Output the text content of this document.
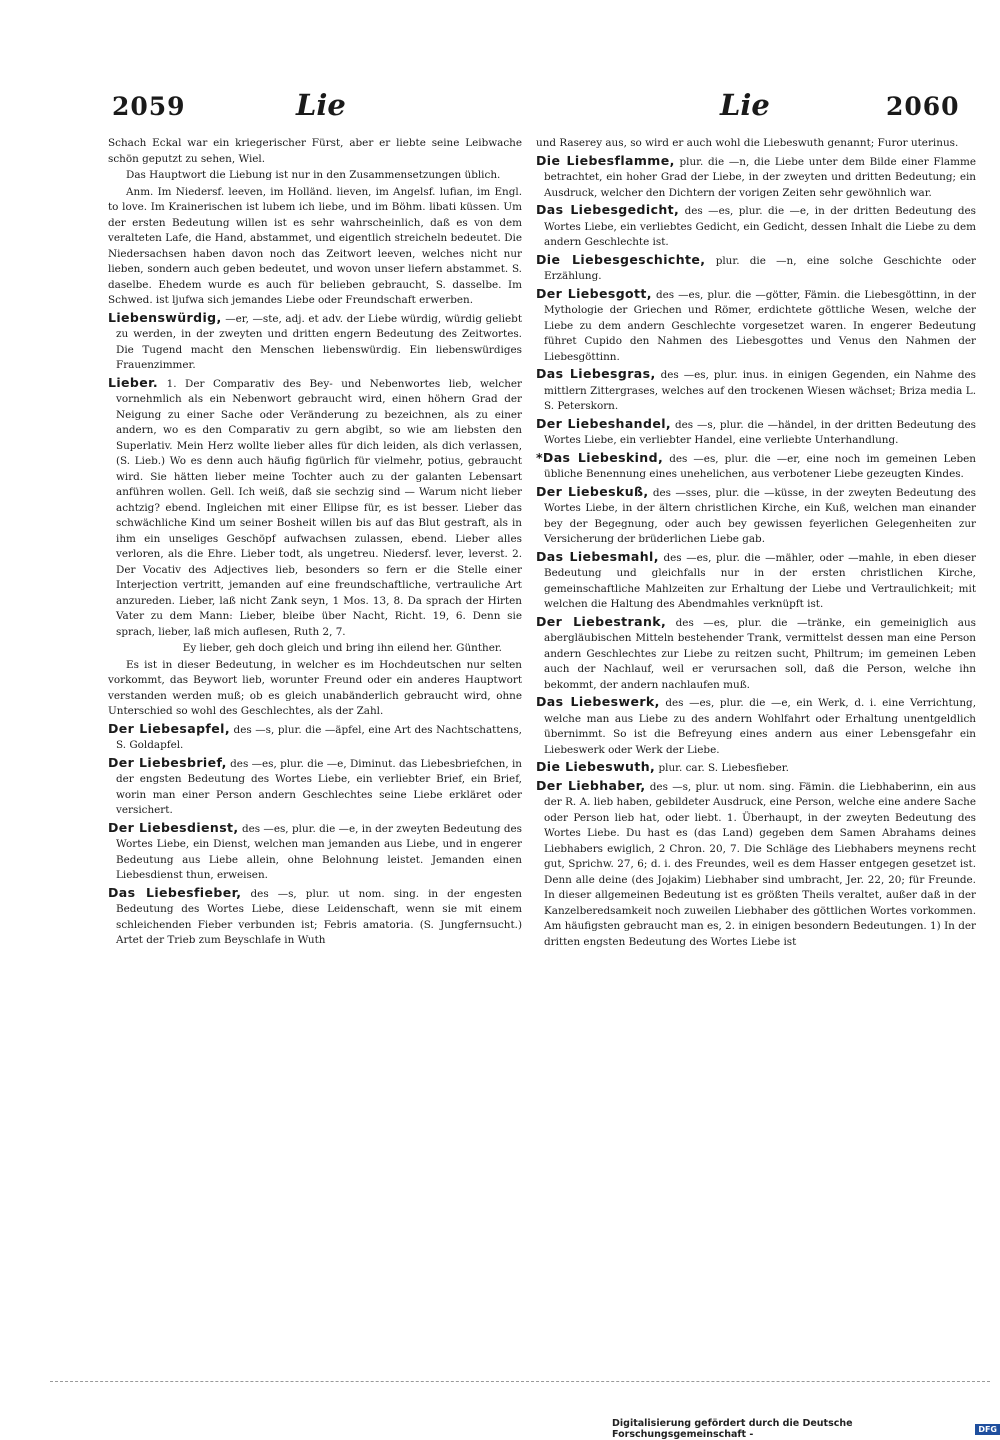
2059	Lie	Lie	2060

Schach Eckal war ein kriegerischer Fürst, aber er liebte seine Leibwache schön geputzt zu sehen, Wiel.

Das Hauptwort die Liebung ist nur in den Zusammensetzungen üblich.

Anm. Im Niedersf. leeven, im Holländ. lieven, im Angelsf. lufian, im Engl. to love. Im Krainerischen ist lubem ich liebe, und im Böhm. libati küssen. Um der ersten Bedeutung willen ist es sehr wahrscheinlich, daß es von dem veralteten Lafe, die Hand, abstammet, und eigentlich streicheln bedeutet. Die Niedersachsen haben davon noch das Zeitwort leeven, welches nicht nur lieben, sondern auch geben bedeutet, und wovon unser liefern abstammet. S. daselbe. Ehedem wurde es auch für belieben gebraucht, S. dasselbe. Im Schwed. ist ljufwa sich jemandes Liebe oder Freundschaft erwerben.

Liebenswürdig, —er, —ste, adj. et adv. der Liebe würdig, würdig geliebt zu werden, in der zweyten und dritten engern Bedeutung des Zeitwortes. Die Tugend macht den Menschen liebenswürdig. Ein liebenswürdiges Frauenzimmer.

Lieber. 1. Der Comparativ des Bey- und Nebenwortes lieb, welcher vornehmlich als ein Nebenwort gebraucht wird, einen höhern Grad der Neigung zu einer Sache oder Veränderung zu bezeichnen, als zu einer andern, wo es den Comparativ zu gern abgibt, so wie am liebsten den Superlativ. Mein Herz wollte lieber alles für dich leiden, als dich verlassen, (S. Lieb.) Wo es denn auch häufig figürlich für vielmehr, potius, gebraucht wird. Sie hätten lieber meine Tochter auch zu der galanten Lebensart anführen wollen. Gell. Ich weiß, daß sie sechzig sind — Warum nicht lieber achtzig? ebend. Ingleichen mit einer Ellipse für, es ist besser. Lieber das schwächliche Kind um seiner Bosheit willen bis auf das Blut gestraft, als in ihm ein unseliges Geschöpf aufwachsen zulassen, ebend. Lieber alles verloren, als die Ehre. Lieber todt, als ungetreu. Niedersf. lever, leverst. 2. Der Vocativ des Adjectives lieb, besonders so fern er die Stelle einer Interjection vertritt, jemanden auf eine freundschaftliche, vertrauliche Art anzureden. Lieber, laß nicht Zank seyn, 1 Mos. 13, 8. Da sprach der Hirten Vater zu dem Mann: Lieber, bleibe über Nacht, Richt. 19, 6. Denn sie sprach, lieber, laß mich auflesen, Ruth 2, 7.

Ey lieber, geh doch gleich und bring ihn eilend her. Günther.

Es ist in dieser Bedeutung, in welcher es im Hochdeutschen nur selten vorkommt, das Beywort lieb, worunter Freund oder ein anderes Hauptwort verstanden werden muß; ob es gleich unabänderlich gebraucht wird, ohne Unterschied so wohl des Geschlechtes, als der Zahl.

Der Liebesapfel, des —s, plur. die —äpfel, eine Art des Nachtschattens, S. Goldapfel.

Der Liebesbrief, des —es, plur. die —e, Diminut. das Liebesbriefchen, in der engsten Bedeutung des Wortes Liebe, ein verliebter Brief, ein Brief, worin man einer Person andern Geschlechtes seine Liebe erkläret oder versichert.

Der Liebesdienst, des —es, plur. die —e, in der zweyten Bedeutung des Wortes Liebe, ein Dienst, welchen man jemanden aus Liebe, und in engerer Bedeutung aus Liebe allein, ohne Belohnung leistet. Jemanden einen Liebesdienst thun, erweisen.

Das Liebesfieber, des —s, plur. ut nom. sing. in der engesten Bedeutung des Wortes Liebe, diese Leidenschaft, wenn sie mit einem schleichenden Fieber verbunden ist; Febris amatoria. (S. Jungfernsucht.) Artet der Trieb zum Beyschlafe in Wuth

und Raserey aus, so wird er auch wohl die Liebeswuth genannt; Furor uterinus.

Die Liebesflamme, plur. die —n, die Liebe unter dem Bilde einer Flamme betrachtet, ein hoher Grad der Liebe, in der zweyten und dritten Bedeutung; ein Ausdruck, welcher den Dichtern der vorigen Zeiten sehr gewöhnlich war.

Das Liebesgedicht, des —es, plur. die —e, in der dritten Bedeutung des Wortes Liebe, ein verliebtes Gedicht, ein Gedicht, dessen Inhalt die Liebe zu dem andern Geschlechte ist.

Die Liebesgeschichte, plur. die —n, eine solche Geschichte oder Erzählung.

Der Liebesgott, des —es, plur. die —götter, Fämin. die Liebesgöttinn, in der Mythologie der Griechen und Römer, erdichtete göttliche Wesen, welche der Liebe zu dem andern Geschlechte vorgesetzet waren. In engerer Bedeutung führet Cupido den Nahmen des Liebesgottes und Venus den Nahmen der Liebesgöttinn.

Das Liebesgras, des —es, plur. inus. in einigen Gegenden, ein Nahme des mittlern Zittergrases, welches auf den trockenen Wiesen wächset; Briza media L. S. Peterskorn.

Der Liebeshandel, des —s, plur. die —händel, in der dritten Bedeutung des Wortes Liebe, ein verliebter Handel, eine verliebte Unterhandlung.

*Das Liebeskind, des —es, plur. die —er, eine noch im gemeinen Leben übliche Benennung eines unehelichen, aus verbotener Liebe gezeugten Kindes.

Der Liebeskuß, des —sses, plur. die —küsse, in der zweyten Bedeutung des Wortes Liebe, in der ältern christlichen Kirche, ein Kuß, welchen man einander bey der Begegnung, oder auch bey gewissen feyerlichen Gelegenheiten zur Versicherung der brüderlichen Liebe gab.

Das Liebesmahl, des —es, plur. die —mähler, oder —mahle, in eben dieser Bedeutung und gleichfalls nur in der ersten christlichen Kirche, gemeinschaftliche Mahlzeiten zur Erhaltung der Liebe und Vertraulichkeit; mit welchen die Haltung des Abendmahles verknüpft ist.

Der Liebestrank, des —es, plur. die —tränke, ein gemeiniglich aus abergläubischen Mitteln bestehender Trank, vermittelst dessen man eine Person andern Geschlechtes zur Liebe zu reitzen sucht, Philtrum; im gemeinen Leben auch der Nachlauf, weil er verursachen soll, daß die Person, welche ihn bekommt, der andern nachlaufen muß.

Das Liebeswerk, des —es, plur. die —e, ein Werk, d. i. eine Verrichtung, welche man aus Liebe zu des andern Wohlfahrt oder Erhaltung unentgeldlich übernimmt. So ist die Befreyung eines andern aus einer Lebensgefahr ein Liebeswerk oder Werk der Liebe.

Die Liebeswuth, plur. car. S. Liebesfieber.

Der Liebhaber, des —s, plur. ut nom. sing. Fämin. die Liebhaberinn, ein aus der R. A. lieb haben, gebildeter Ausdruck, eine Person, welche eine andere Sache oder Person lieb hat, oder liebt. 1. Überhaupt, in der zweyten Bedeutung des Wortes Liebe. Du hast es (das Land) gegeben dem Samen Abrahams deines Liebhabers ewiglich, 2 Chron. 20, 7. Die Schläge des Liebhabers meynens recht gut, Sprichw. 27, 6; d. i. des Freundes, weil es dem Hasser entgegen gesetzet ist. Denn alle deine (des Jojakim) Liebhaber sind umbracht, Jer. 22, 20; für Freunde. In dieser allgemeinen Bedeutung ist es größten Theils veraltet, außer daß in der Kanzelberedsamkeit noch zuweilen Liebhaber des göttlichen Wortes vorkommen. Am häufigsten gebraucht man es, 2. in einigen besondern Bedeutungen. 1) In der dritten engsten Bedeutung des Wortes Liebe ist

Digitalisierung gefördert durch die Deutsche Forschungsgemeinschaft -	DFG
